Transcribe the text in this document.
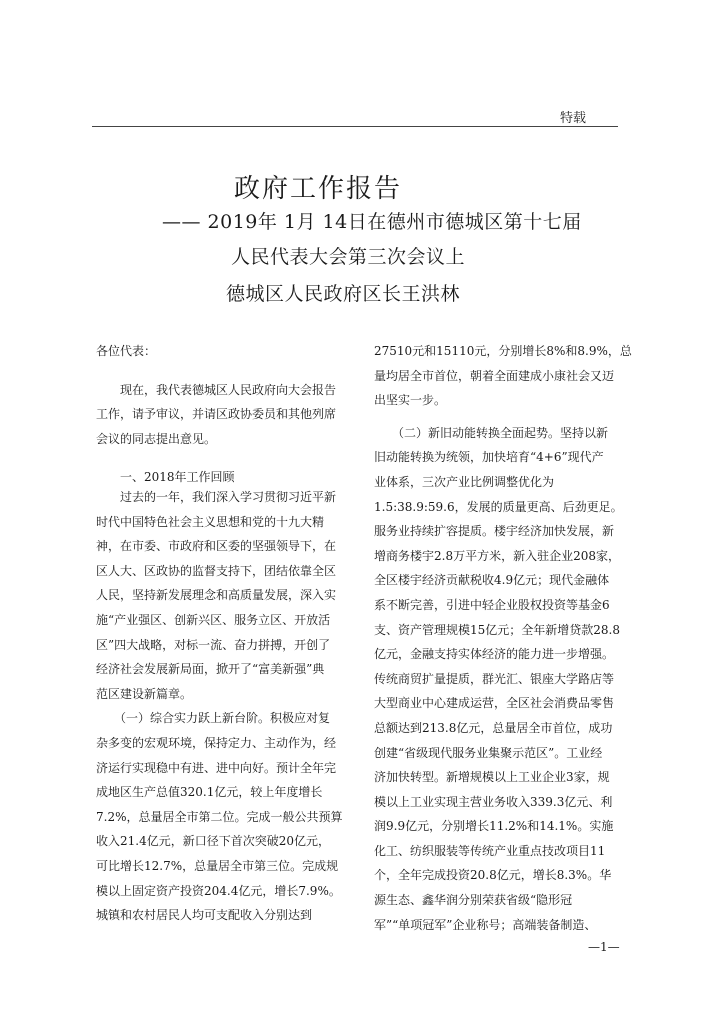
特载
政府工作报告
—— 2019年 1月 14日在德州市德城区第十七届
人民代表大会第三次会议上
德城区人民政府区长王洪林

各位代表：

　　现在，我代表德城区人民政府向大会报告

工作，请予审议，并请区政协委员和其他列席

会议的同志提出意见。

　　一、2018年工作回顾

　　过去的一年，我们深入学习贯彻习近平新

时代中国特色社会主义思想和党的十九大精

神，在市委、市政府和区委的坚强领导下，在

区人大、区政协的监督支持下，团结依靠全区

人民，坚持新发展理念和高质量发展，深入实

施“产业强区、创新兴区、服务立区、开放活

区”四大战略，对标一流、奋力拼搏，开创了

经济社会发展新局面，掀开了“富美新强”典

范区建设新篇章。

　　（一）综合实力跃上新台阶。积极应对复

杂多变的宏观环境，保持定力、主动作为，经

济运行实现稳中有进、进中向好。预计全年完

成地区生产总值320.1亿元，较上年度增长

7.2%，总量居全市第二位。完成一般公共预算

收入21.4亿元，新口径下首次突破20亿元，

可比增长12.7%，总量居全市第三位。完成规

模以上固定资产投资204.4亿元，增长7.9%。

城镇和农村居民人均可支配收入分别达到

27510元和15110元，分别增长8%和8.9%，总

量均居全市首位，朝着全面建成小康社会又迈

出坚实一步。

　　（二）新旧动能转换全面起势。坚持以新

旧动能转换为统领，加快培育“4+6”现代产

业体系，三次产业比例调整优化为

1.5:38.9:59.6，发展的质量更高、后劲更足。

服务业持续扩容提质。楼宇经济加快发展，新

增商务楼宇2.8万平方米，新入驻企业208家，

全区楼宇经济贡献税收4.9亿元；现代金融体

系不断完善，引进中轻企业股权投资等基金6

支、资产管理规模15亿元；全年新增贷款28.8

亿元，金融支持实体经济的能力进一步增强。

传统商贸扩量提质，群光汇、银座大学路店等

大型商业中心建成运营，全区社会消费品零售

总额达到213.8亿元，总量居全市首位，成功

创建“省级现代服务业集聚示范区”。工业经

济加快转型。新增规模以上工业企业3家，规

模以上工业实现主营业务收入339.3亿元、利

润9.9亿元，分别增长11.2%和14.1%。实施

化工、纺织服装等传统产业重点技改项目11

个，全年完成投资20.8亿元，增长8.3%。华

源生态、鑫华润分别荣获省级“隐形冠

军”“单项冠军”企业称号；高端装备制造、

—1—
